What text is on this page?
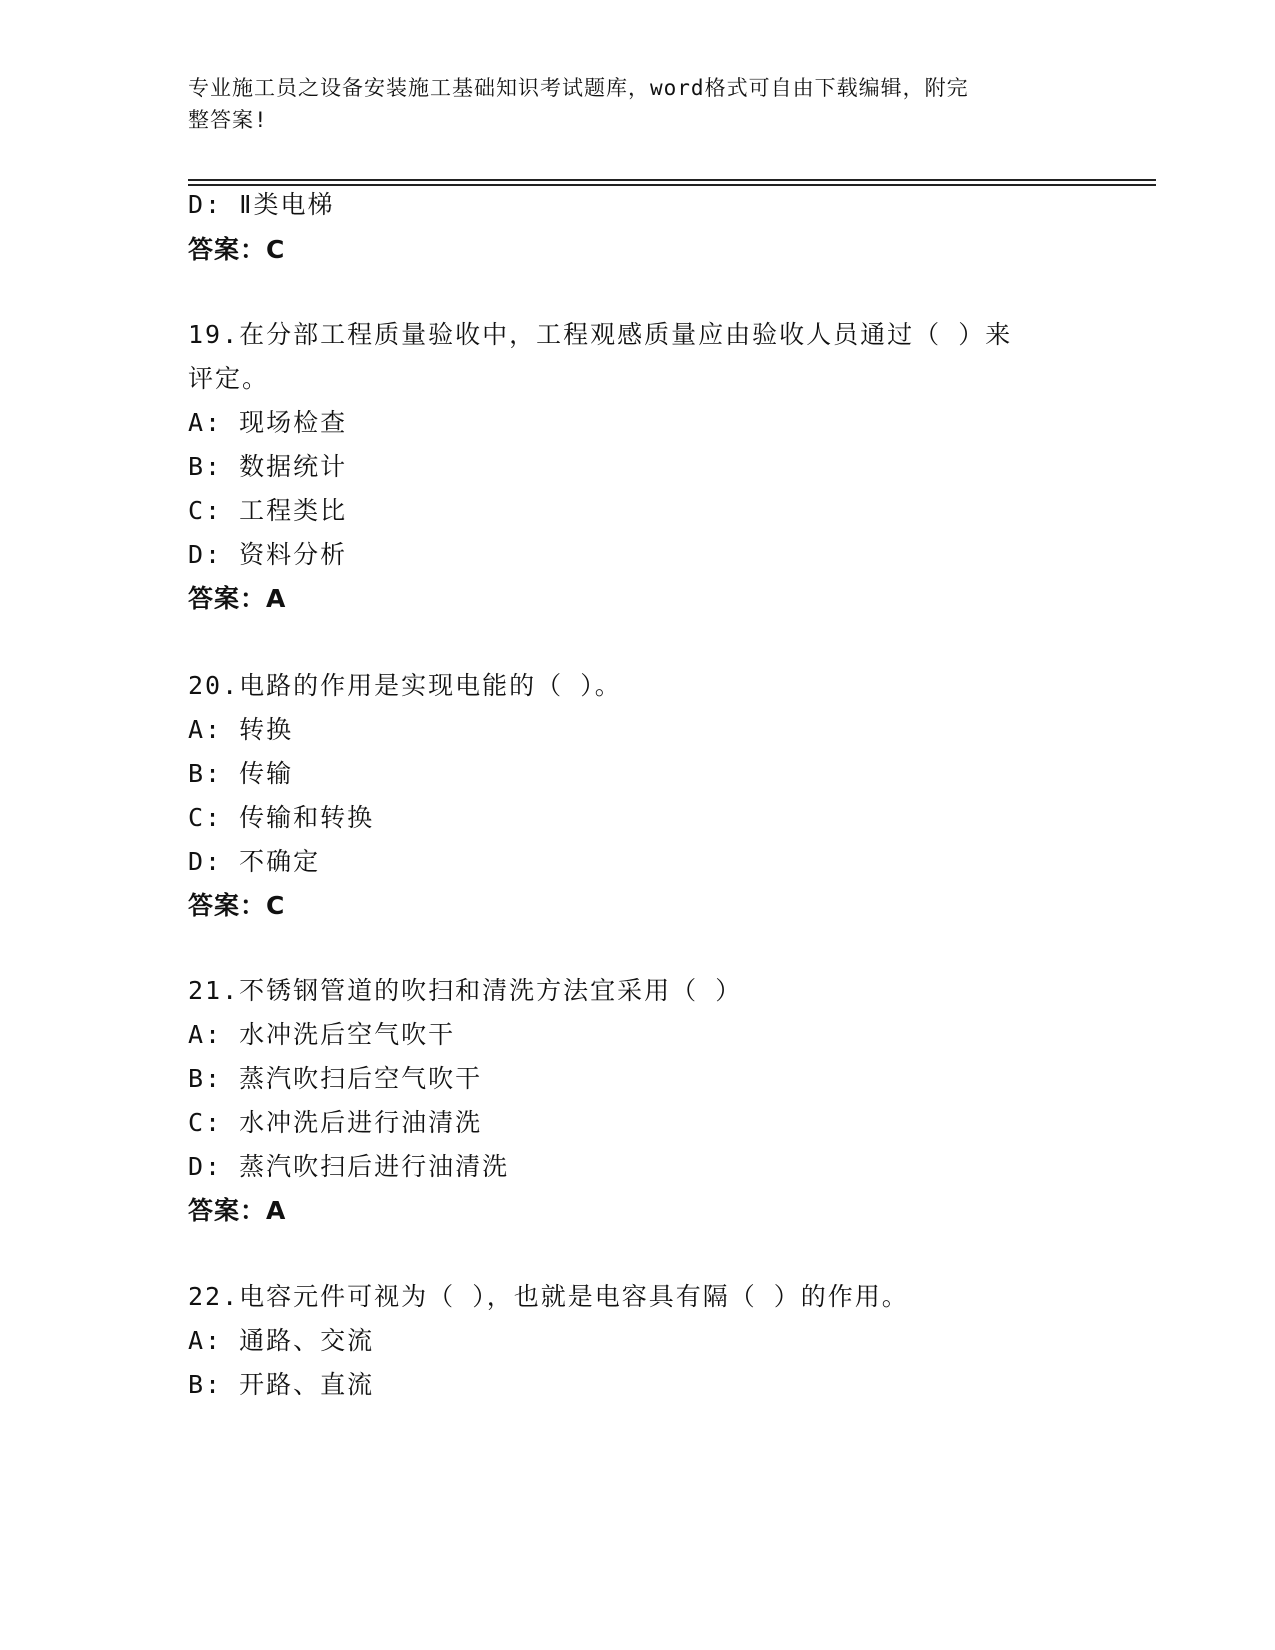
专业施工员之设备安装施工基础知识考试题库，word格式可自由下载编辑，附完
整答案!
D: Ⅱ类电梯
答案：C
19.在分部工程质量验收中，工程观感质量应由验收人员通过（ ）来
评定。
A: 现场检查
B: 数据统计
C: 工程类比
D: 资料分析
答案：A
20.电路的作用是实现电能的（ ）。
A: 转换
B: 传输
C: 传输和转换
D: 不确定
答案：C
21.不锈钢管道的吹扫和清洗方法宜采用（ ）
A: 水冲洗后空气吹干
B: 蒸汽吹扫后空气吹干
C: 水冲洗后进行油清洗
D: 蒸汽吹扫后进行油清洗
答案：A
22.电容元件可视为（ ），也就是电容具有隔（ ）的作用。
A: 通路、交流
B: 开路、直流
